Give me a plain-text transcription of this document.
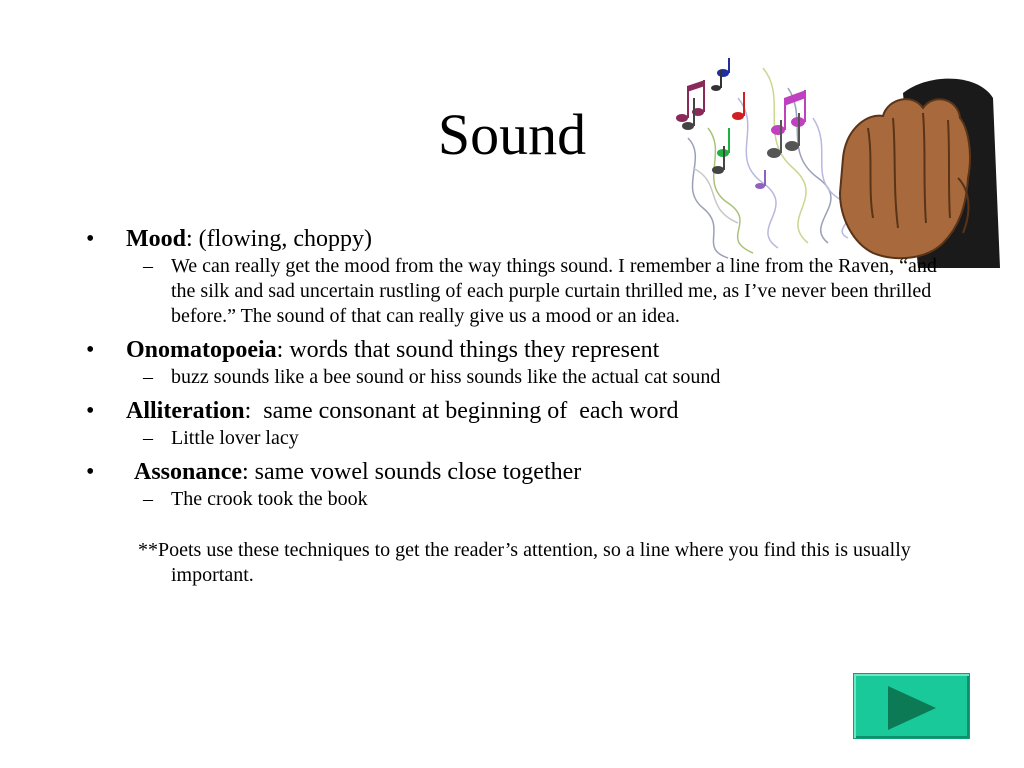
Sound
• Mood: (flowing, choppy)
– We can really get the mood from the way things sound. I remember a line from the Raven, “and the silk and sad uncertain rustling of each purple curtain thrilled me, as I’ve never been thrilled before.” The sound of that can really give us a mood or an idea.
• Onomatopoeia: words that sound things they represent
– buzz sounds like a bee sound or hiss sounds like the actual cat sound
• Alliteration:  same consonant at beginning of  each word
– Little lover lacy
• Assonance: same vowel sounds close together
– The crook took the book
**Poets use these techniques to get the reader’s attention, so a line where you find this is usually important.
